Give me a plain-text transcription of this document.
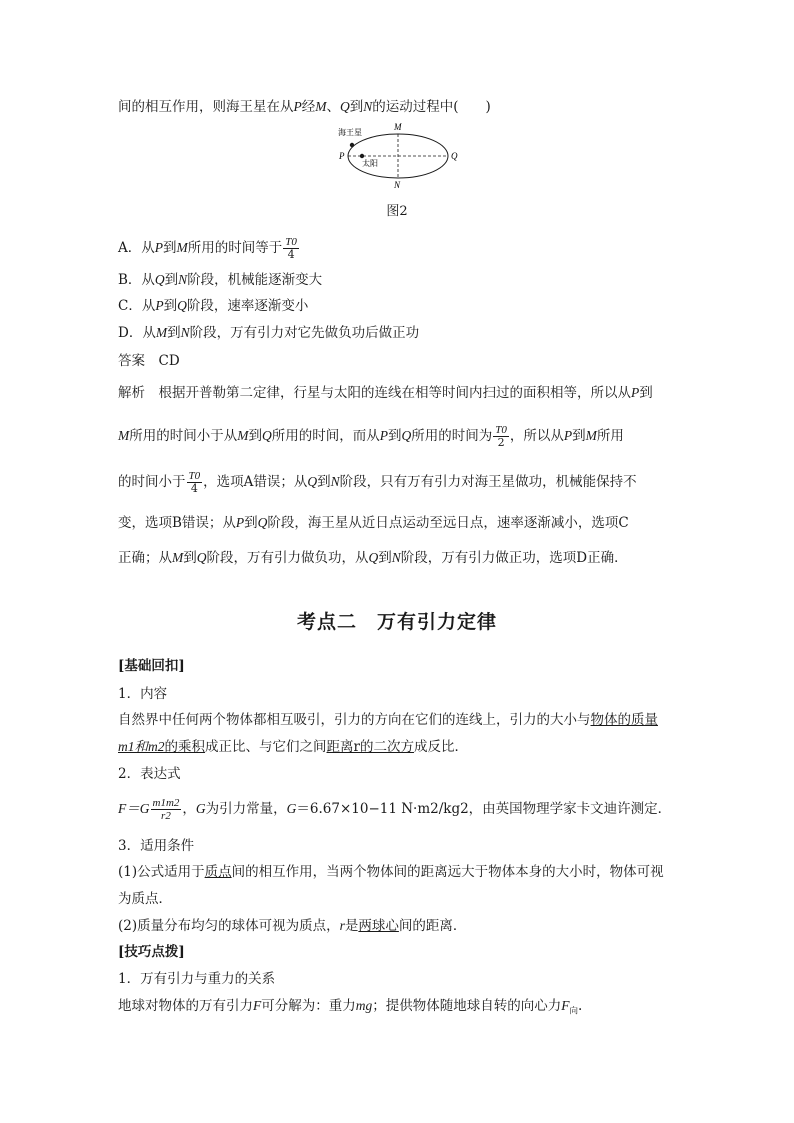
间的相互作用，则海王星在从P经M、Q到N的运动过程中(　　)
海王星
太阳
P	Q
M
N
图2
A．从P到M所用的时间等于 $\frac{T0}{4}$
B．从Q到N阶段，机械能逐渐变大
C．从P到Q阶段，速率逐渐变小
D．从M到N阶段，万有引力对它先做负功后做正功
答案　CD
解析　根据开普勒第二定律，行星与太阳的连线在相等时间内扫过的面积相等，所以从P到
M所用的时间小于从M到Q所用的时间，而从P到Q所用的时间为 $\frac{T0}{2}$ ，所以从P到M所用
的时间小于 $\frac{T0}{4}$ ，选项A错误；从Q到N阶段，只有万有引力对海王星做功，机械能保持不
变，选项B错误；从P到Q阶段，海王星从近日点运动至远日点，速率逐渐减小，选项C
正确；从M到Q阶段，万有引力做负功，从Q到N阶段，万有引力做正功，选项D正确．
考点二　万有引力定律
[基础回扣]
1．内容
自然界中任何两个物体都相互吸引，引力的方向在它们的连线上，引力的大小与物体的质量
m1和m2的乘积成正比、与它们之间距离r的二次方成反比．
2．表达式
$F=G \frac{m1m2}{r2}$ ，G为引力常量，G＝6.67×10−11 N·m2/kg2，由英国物理学家卡文迪许测定．
3．适用条件
(1)公式适用于质点间的相互作用，当两个物体间的距离远大于物体本身的大小时，物体可视
为质点．
(2)质量分布均匀的球体可视为质点，r是两球心间的距离．
[技巧点拨]
1．万有引力与重力的关系
地球对物体的万有引力F可分解为：重力mg；提供物体随地球自转的向心力$F_向$.
